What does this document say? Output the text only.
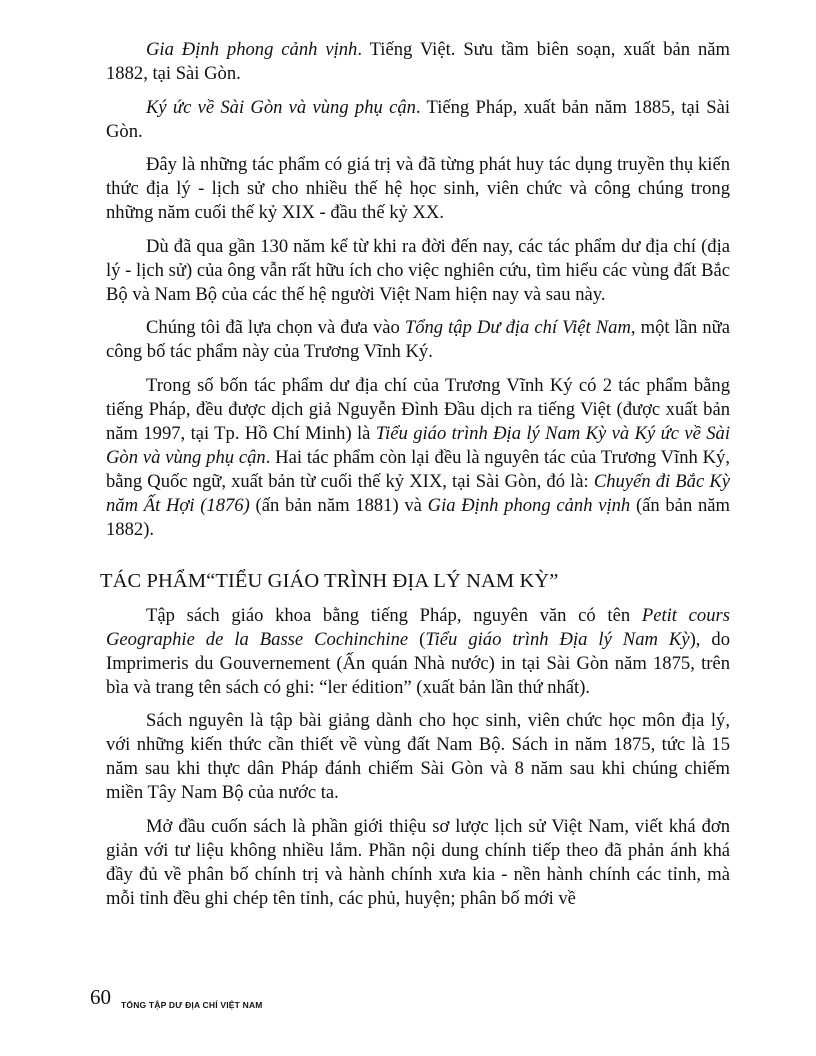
Gia Định phong cảnh vịnh. Tiếng Việt. Sưu tầm biên soạn, xuất bản năm 1882, tại Sài Gòn.

Ký ức về Sài Gòn và vùng phụ cận. Tiếng Pháp, xuất bản năm 1885, tại Sài Gòn.

Đây là những tác phẩm có giá trị và đã từng phát huy tác dụng truyền thụ kiến thức địa lý - lịch sử cho nhiều thế hệ học sinh, viên chức và công chúng trong những năm cuối thế kỷ XIX - đầu thế kỷ XX.

Dù đã qua gần 130 năm kể từ khi ra đời đến nay, các tác phẩm dư địa chí (địa lý - lịch sử) của ông vẫn rất hữu ích cho việc nghiên cứu, tìm hiểu các vùng đất Bắc Bộ và Nam Bộ của các thế hệ người Việt Nam hiện nay và sau này.

Chúng tôi đã lựa chọn và đưa vào Tổng tập Dư địa chí Việt Nam, một lần nữa công bố tác phẩm này của Trương Vĩnh Ký.

Trong số bốn tác phẩm dư địa chí của Trương Vĩnh Ký có 2 tác phẩm bằng tiếng Pháp, đều được dịch giả Nguyễn Đình Đầu dịch ra tiếng Việt (được xuất bản năm 1997, tại Tp. Hồ Chí Minh) là Tiểu giáo trình Địa lý Nam Kỳ và Ký ức về Sài Gòn và vùng phụ cận. Hai tác phẩm còn lại đều là nguyên tác của Trương Vĩnh Ký, bằng Quốc ngữ, xuất bản từ cuối thế kỷ XIX, tại Sài Gòn, đó là: Chuyến đi Bắc Kỳ năm Ất Hợi (1876) (ấn bản năm 1881) và Gia Định phong cảnh vịnh (ấn bản năm 1882).

TÁC PHẨM“TIỂU GIÁO TRÌNH ĐỊA LÝ NAM KỲ”

Tập sách giáo khoa bằng tiếng Pháp, nguyên văn có tên Petit cours Geographie de la Basse Cochinchine (Tiểu giáo trình Địa lý Nam Kỳ), do Imprimeris du Gouvernement (Ấn quán Nhà nước) in tại Sài Gòn năm 1875, trên bìa và trang tên sách có ghi: “ler édition” (xuất bản lần thứ nhất).

Sách nguyên là tập bài giảng dành cho học sinh, viên chức học môn địa lý, với những kiến thức cần thiết về vùng đất Nam Bộ. Sách in năm 1875, tức là 15 năm sau khi thực dân Pháp đánh chiếm Sài Gòn và 8 năm sau khi chúng chiếm miền Tây Nam Bộ của nước ta.

Mở đầu cuốn sách là phần giới thiệu sơ lược lịch sử Việt Nam, viết khá đơn giản với tư liệu không nhiều lắm. Phần nội dung chính tiếp theo đã phản ánh khá đầy đủ về phân bố chính trị và hành chính xưa kia - nền hành chính các tỉnh, mà mỗi tỉnh đều ghi chép tên tỉnh, các phủ, huyện; phân bố mới về

60 TỔNG TẬP DƯ ĐỊA CHÍ VIỆT NAM
